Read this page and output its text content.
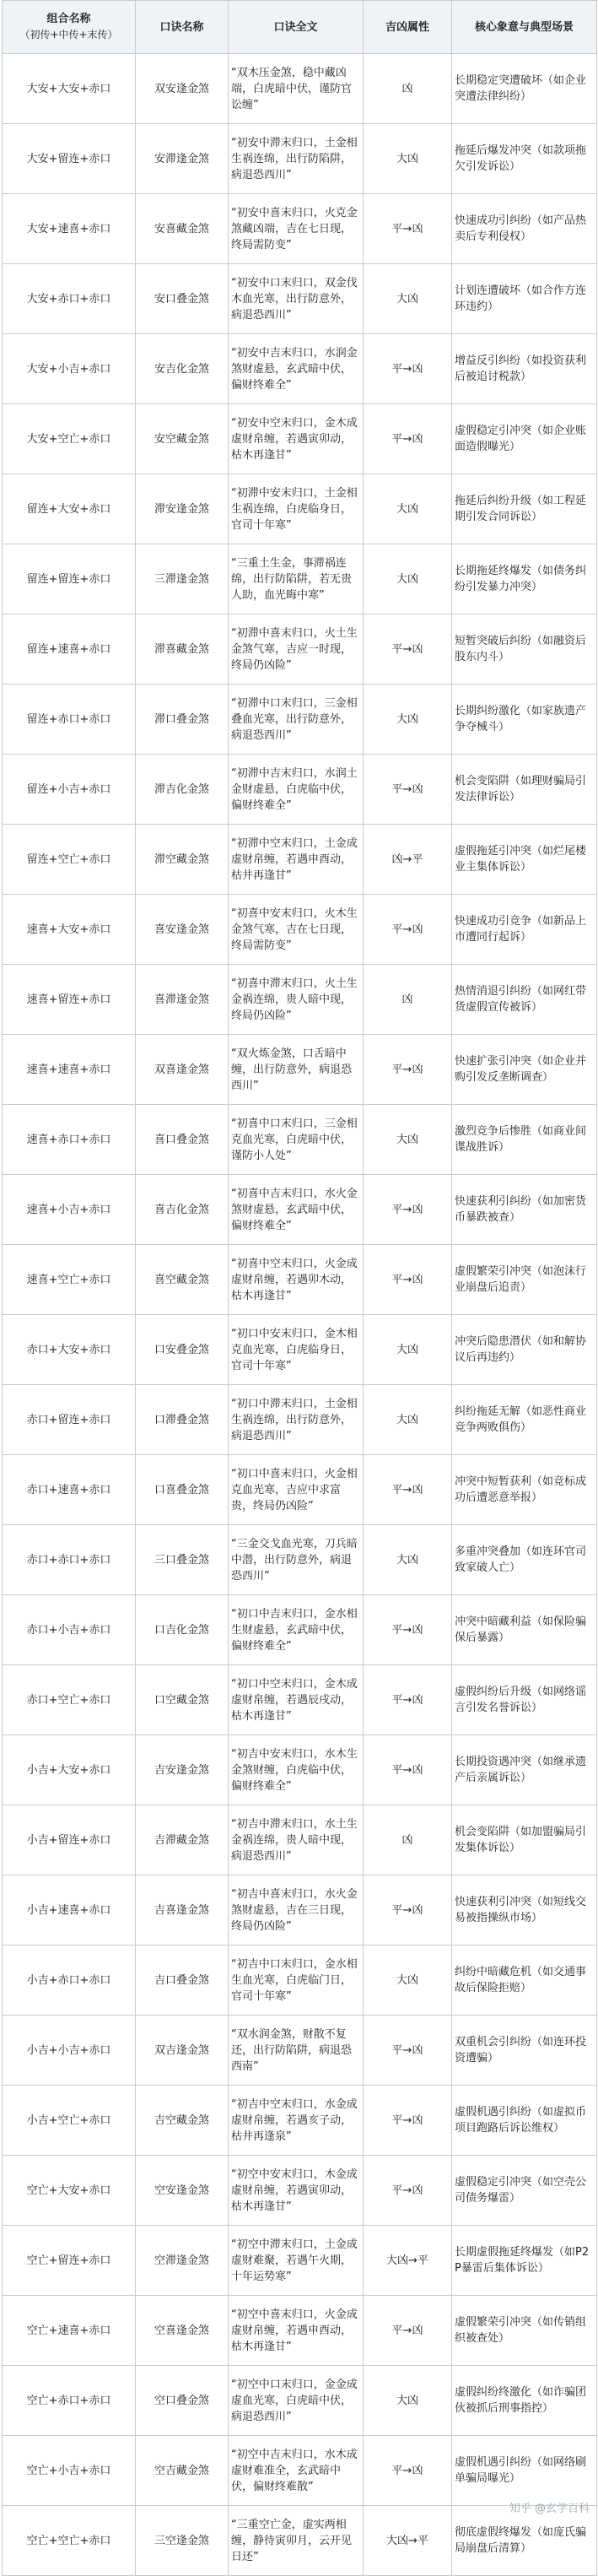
组合名称
（初传+中传+末传）	口诀名称	口诀全文	吉凶属性	核心象意与典型场景
大安+大安+赤口	双安逢金煞	“双木压金煞，稳中藏凶端，白虎暗中伏，谨防官讼缠”	凶	长期稳定突遭破坏（如企业突遭法律纠纷）
大安+留连+赤口	安滞逢金煞	“初安中滞末归口，土金相生祸连绵，出行防陷阱，病退恐西川”	大凶	拖延后爆发冲突（如款项拖欠引发诉讼）
大安+速喜+赤口	安喜藏金煞	“初安中喜末归口，火克金煞藏凶端，吉在七日现，终局需防变”	平→凶	快速成功引纠纷（如产品热卖后专利侵权）
大安+赤口+赤口	安口叠金煞	“初安中口末归口，双金伐木血光寒，出行防意外，病退恐西川”	大凶	计划连遭破坏（如合作方连环违约）
大安+小吉+赤口	安吉化金煞	“初安中吉末归口，水润金煞财虚悬，玄武暗中伏，偏财终难全”	平→凶	增益反引纠纷（如投资获利后被追讨税款）
大安+空亡+赤口	安空藏金煞	“初安中空末归口，金木成虚财帛缠，若遇寅卯动，枯木再逢甘”	平→凶	虚假稳定引冲突（如企业账面造假曝光）
留连+大安+赤口	滞安逢金煞	“初滞中安末归口，土金相生祸连绵，白虎临身日，官司十年寒”	大凶	拖延后纠纷升级（如工程延期引发合同诉讼）
留连+留连+赤口	三滞逢金煞	“三重土生金，事滞祸连绵，出行防陷阱，若无贵人助，血光晦中寒”	大凶	长期拖延终爆发（如债务纠纷引发暴力冲突）
留连+速喜+赤口	滞喜藏金煞	“初滞中喜末归口，火土生金煞气寒，吉应一时现，终局仍凶险”	平→凶	短暂突破后纠纷（如融资后股东内斗）
留连+赤口+赤口	滞口叠金煞	“初滞中口末归口，三金相叠血光寒，出行防意外，病退恐西川”	大凶	长期纠纷激化（如家族遗产争夺械斗）
留连+小吉+赤口	滞吉化金煞	“初滞中吉末归口，水润土金财虚悬，白虎临中伏，偏财终难全”	平→凶	机会变陷阱（如理财骗局引发法律诉讼）
留连+空亡+赤口	滞空藏金煞	“初滞中空末归口，土金成虚财帛缠，若遇申酉动，枯井再逢甘”	凶→平	虚假拖延引冲突（如烂尾楼业主集体诉讼）
速喜+大安+赤口	喜安逢金煞	“初喜中安末归口，火木生金煞气寒，吉在七日现，终局需防变”	平→凶	快速成功引竞争（如新品上市遭同行起诉）
速喜+留连+赤口	喜滞逢金煞	“初喜中滞末归口，火土生金祸连绵，贵人暗中现，终局仍凶险”	凶	热情消退引纠纷（如网红带货虚假宣传被诉）
速喜+速喜+赤口	双喜逢金煞	“双火炼金煞，口舌暗中缠，出行防意外，病退恐西川”	平→凶	快速扩张引冲突（如企业并购引发反垄断调查）
速喜+赤口+赤口	喜口叠金煞	“初喜中口末归口，三金相克血光寒，白虎暗中伏，谨防小人处”	大凶	激烈竞争后惨胜（如商业间谍战胜诉）
速喜+小吉+赤口	喜吉化金煞	“初喜中吉末归口，水火金煞财虚悬，玄武暗中伏，偏财终难全”	平→凶	快速获利引纠纷（如加密货币暴跌被查）
速喜+空亡+赤口	喜空藏金煞	“初喜中空末归口，火金成虚财帛缠，若遇卯木动，枯木再逢甘”	平→凶	虚假繁荣引冲突（如泡沫行业崩盘后追责）
赤口+大安+赤口	口安叠金煞	“初口中安末归口，金木相克血光寒，白虎临身日，官司十年寒”	大凶	冲突后隐患潜伏（如和解协议后再违约）
赤口+留连+赤口	口滞叠金煞	“初口中滞末归口，土金相生祸连绵，出行防意外，病退恐西川”	大凶	纠纷拖延无解（如恶性商业竞争两败俱伤）
赤口+速喜+赤口	口喜叠金煞	“初口中喜末归口，火金相克血光寒，吉应中求富贵，终局仍凶险”	平→凶	冲突中短暂获利（如竞标成功后遭恶意举报）
赤口+赤口+赤口	三口叠金煞	“三金交戈血光寒，刀兵暗中潜，出行防意外，病退恐西川”	大凶	多重冲突叠加（如连环官司致家破人亡）
赤口+小吉+赤口	口吉化金煞	“初口中吉末归口，金水相生财虚悬，玄武暗中伏，偏财终难全”	平→凶	冲突中暗藏利益（如保险骗保后暴露）
赤口+空亡+赤口	口空藏金煞	“初口中空末归口，金木成虚财帛缠，若遇辰戌动，枯木再逢甘”	平→凶	虚假纠纷后升级（如网络谣言引发名誉诉讼）
小吉+大安+赤口	吉安逢金煞	“初吉中安末归口，水木生金煞财缠，白虎临中伏，偏财终难全”	平→凶	长期投资遇冲突（如继承遗产后亲属诉讼）
小吉+留连+赤口	吉滞藏金煞	“初吉中滞末归口，水土生金祸连绵，贵人暗中现，病退恐西川”	凶	机会变陷阱（如加盟骗局引发集体诉讼）
小吉+速喜+赤口	吉喜逢金煞	“初吉中喜末归口，水火金煞财虚悬，吉在三日现，终局仍凶险”	平→凶	快速获利引冲突（如短线交易被指操纵市场）
小吉+赤口+赤口	吉口叠金煞	“初吉中口末归口，金水相生血光寒，白虎临门日，官司十年寒”	大凶	纠纷中暗藏危机（如交通事故后保险拒赔）
小吉+小吉+赤口	双吉逢金煞	“双水润金煞，财散不复还，出行防陷阱，病退恐西南”	平→凶	双重机会引纠纷（如连环投资遭骗）
小吉+空亡+赤口	吉空藏金煞	“初吉中空末归口，水金成虚财帛缠，若遇亥子动，枯井再逢泉”	平→凶	虚假机遇引纠纷（如虚拟币项目跑路后诉讼维权）
空亡+大安+赤口	空安逢金煞	“初空中安末归口，木金成虚财帛缠，若遇寅卯动，枯木再逢甘”	平→凶	虚假稳定引冲突（如空壳公司债务爆雷）
空亡+留连+赤口	空滞逢金煞	“初空中滞末归口，土金成虚财难聚，若遇午火期，十年运势寒”	大凶→平	长期虚假拖延终爆发（如P2P暴雷后集体诉讼）
空亡+速喜+赤口	空喜逢金煞	“初空中喜末归口，火金成虚财帛缠，若遇申酉动，枯木再逢甘”	平→凶	虚假繁荣引冲突（如传销组织被查处）
空亡+赤口+赤口	空口叠金煞	“初空中口末归口，金金成虚血光寒，白虎暗中伏，病退恐西川”	大凶	虚假纠纷终激化（如诈骗团伙被抓后刑事指控）
空亡+小吉+赤口	空吉藏金煞	“初空中吉末归口，水木成虚财难准全，玄武暗中伏，偏财终难散”	平→凶	虚假机遇引纠纷（如网络刷单骗局曝光）
空亡+空亡+赤口	三空逢金煞	“三重空亡金，虚实两相缠，静待寅卯月，云开见日还”	大凶→平	彻底虚假终爆发（如庞氏骗局崩盘后清算）
知乎 @玄学百科
